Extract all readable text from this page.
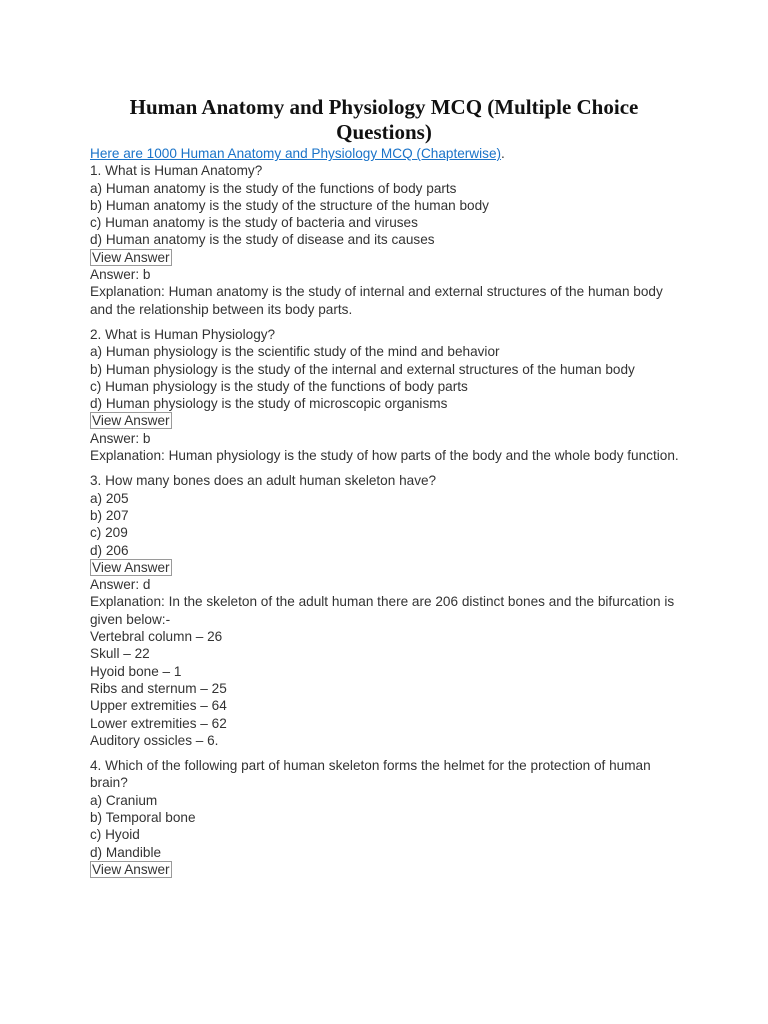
Human Anatomy and Physiology MCQ (Multiple Choice Questions)

Here are 1000 Human Anatomy and Physiology MCQ (Chapterwise).

1. What is Human Anatomy?
a) Human anatomy is the study of the functions of body parts
b) Human anatomy is the study of the structure of the human body
c) Human anatomy is the study of bacteria and viruses
d) Human anatomy is the study of disease and its causes
View Answer
Answer: b
Explanation: Human anatomy is the study of internal and external structures of the human body and the relationship between its body parts.
2. What is Human Physiology?
a) Human physiology is the scientific study of the mind and behavior
b) Human physiology is the study of the internal and external structures of the human body
c) Human physiology is the study of the functions of body parts
d) Human physiology is the study of microscopic organisms
View Answer
Answer: b
Explanation: Human physiology is the study of how parts of the body and the whole body function.
3. How many bones does an adult human skeleton have?
a) 205
b) 207
c) 209
d) 206
View Answer
Answer: d
Explanation: In the skeleton of the adult human there are 206 distinct bones and the bifurcation is given below:-
Vertebral column – 26
Skull – 22
Hyoid bone – 1
Ribs and sternum – 25
Upper extremities – 64
Lower extremities – 62
Auditory ossicles – 6.
4. Which of the following part of human skeleton forms the helmet for the protection of human brain?
a) Cranium
b) Temporal bone
c) Hyoid
d) Mandible
View Answer
